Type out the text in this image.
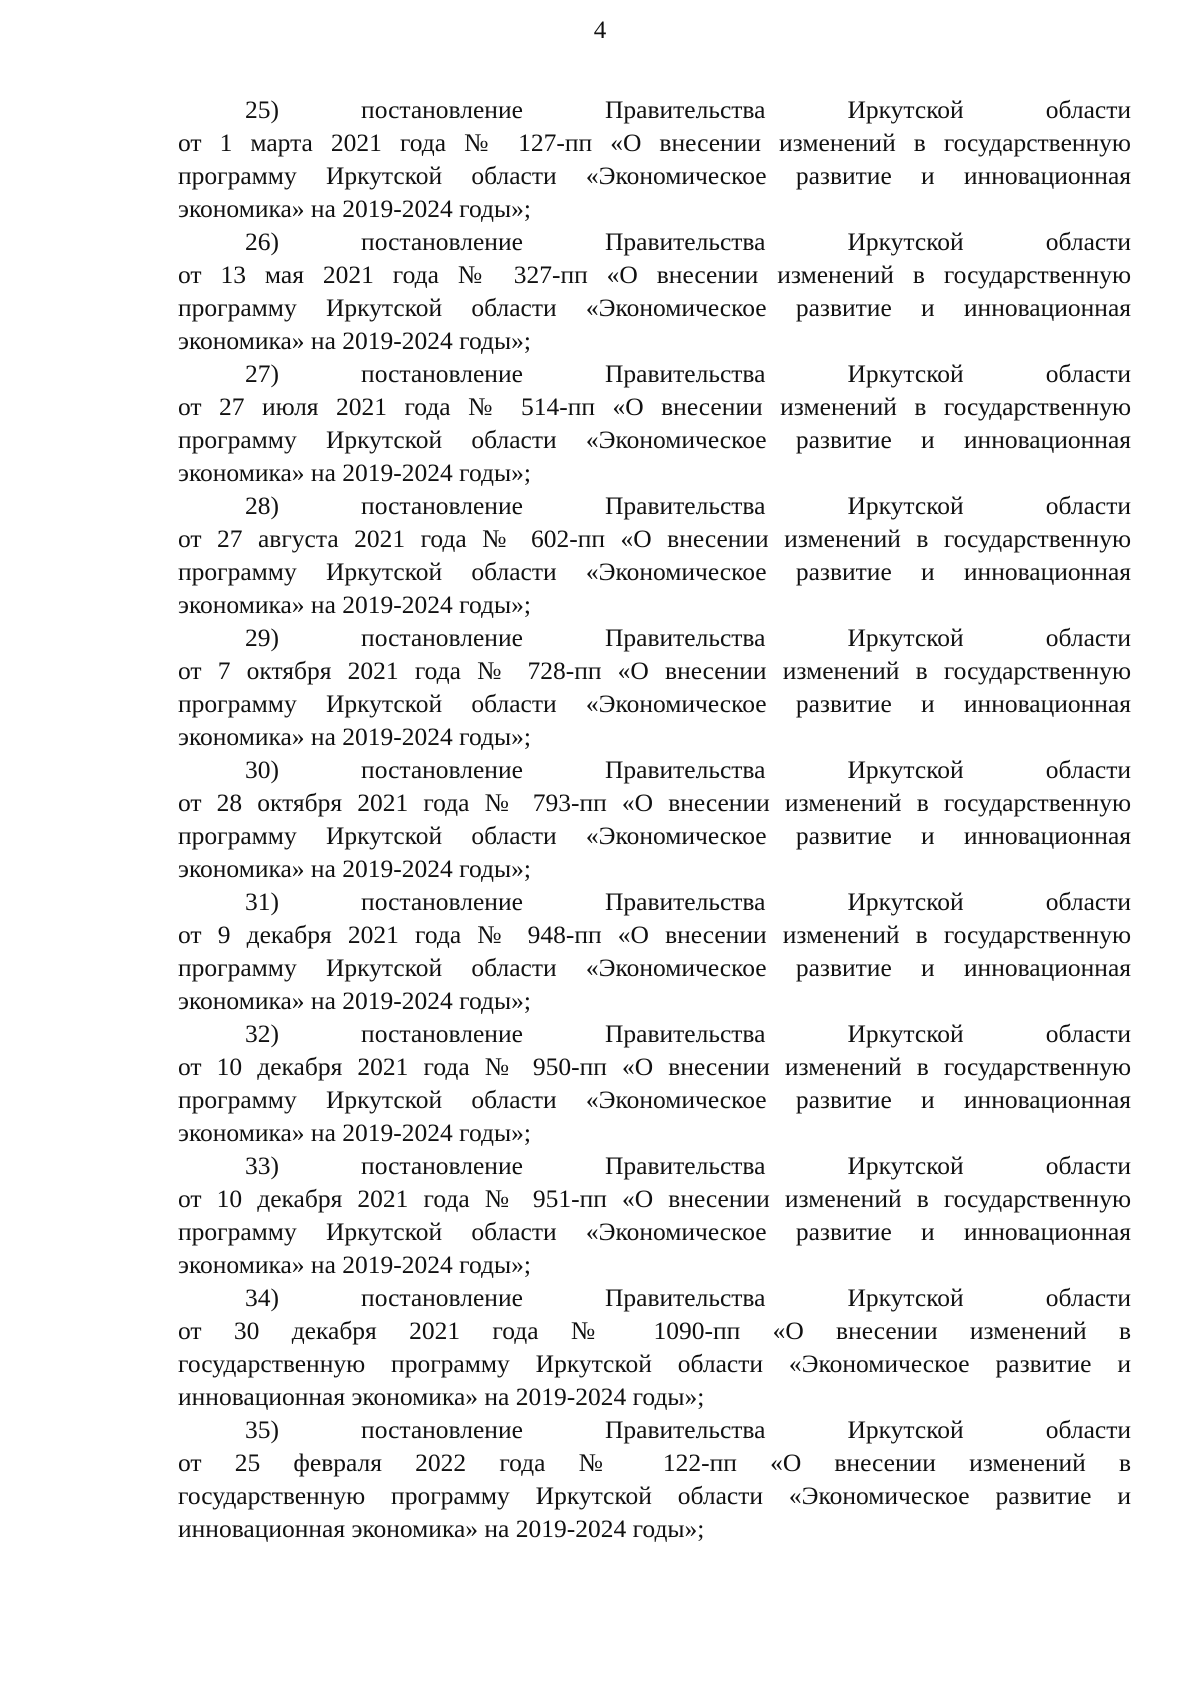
4
25) постановление Правительства Иркутской области
от 1 марта 2021 года № 127-пп «О внесении изменений в государственную
программу Иркутской области «Экономическое развитие и инновационная
экономика» на 2019-2024 годы»;
26) постановление Правительства Иркутской области
от 13 мая 2021 года № 327-пп «О внесении изменений в государственную
программу Иркутской области «Экономическое развитие и инновационная
экономика» на 2019-2024 годы»;
27) постановление Правительства Иркутской области
от 27 июля 2021 года № 514-пп «О внесении изменений в государственную
программу Иркутской области «Экономическое развитие и инновационная
экономика» на 2019-2024 годы»;
28) постановление Правительства Иркутской области
от 27 августа 2021 года № 602-пп «О внесении изменений в государственную
программу Иркутской области «Экономическое развитие и инновационная
экономика» на 2019-2024 годы»;
29) постановление Правительства Иркутской области
от 7 октября 2021 года № 728-пп «О внесении изменений в государственную
программу Иркутской области «Экономическое развитие и инновационная
экономика» на 2019-2024 годы»;
30) постановление Правительства Иркутской области
от 28 октября 2021 года № 793-пп «О внесении изменений в государственную
программу Иркутской области «Экономическое развитие и инновационная
экономика» на 2019-2024 годы»;
31) постановление Правительства Иркутской области
от 9 декабря 2021 года № 948-пп «О внесении изменений в государственную
программу Иркутской области «Экономическое развитие и инновационная
экономика» на 2019-2024 годы»;
32) постановление Правительства Иркутской области
от 10 декабря 2021 года № 950-пп «О внесении изменений в государственную
программу Иркутской области «Экономическое развитие и инновационная
экономика» на 2019-2024 годы»;
33) постановление Правительства Иркутской области
от 10 декабря 2021 года № 951-пп «О внесении изменений в государственную
программу Иркутской области «Экономическое развитие и инновационная
экономика» на 2019-2024 годы»;
34) постановление Правительства Иркутской области
от 30 декабря 2021 года № 1090-пп «О внесении изменений в
государственную программу Иркутской области «Экономическое развитие и
инновационная экономика» на 2019-2024 годы»;
35) постановление Правительства Иркутской области
от 25 февраля 2022 года № 122-пп «О внесении изменений в
государственную программу Иркутской области «Экономическое развитие и
инновационная экономика» на 2019-2024 годы»;
